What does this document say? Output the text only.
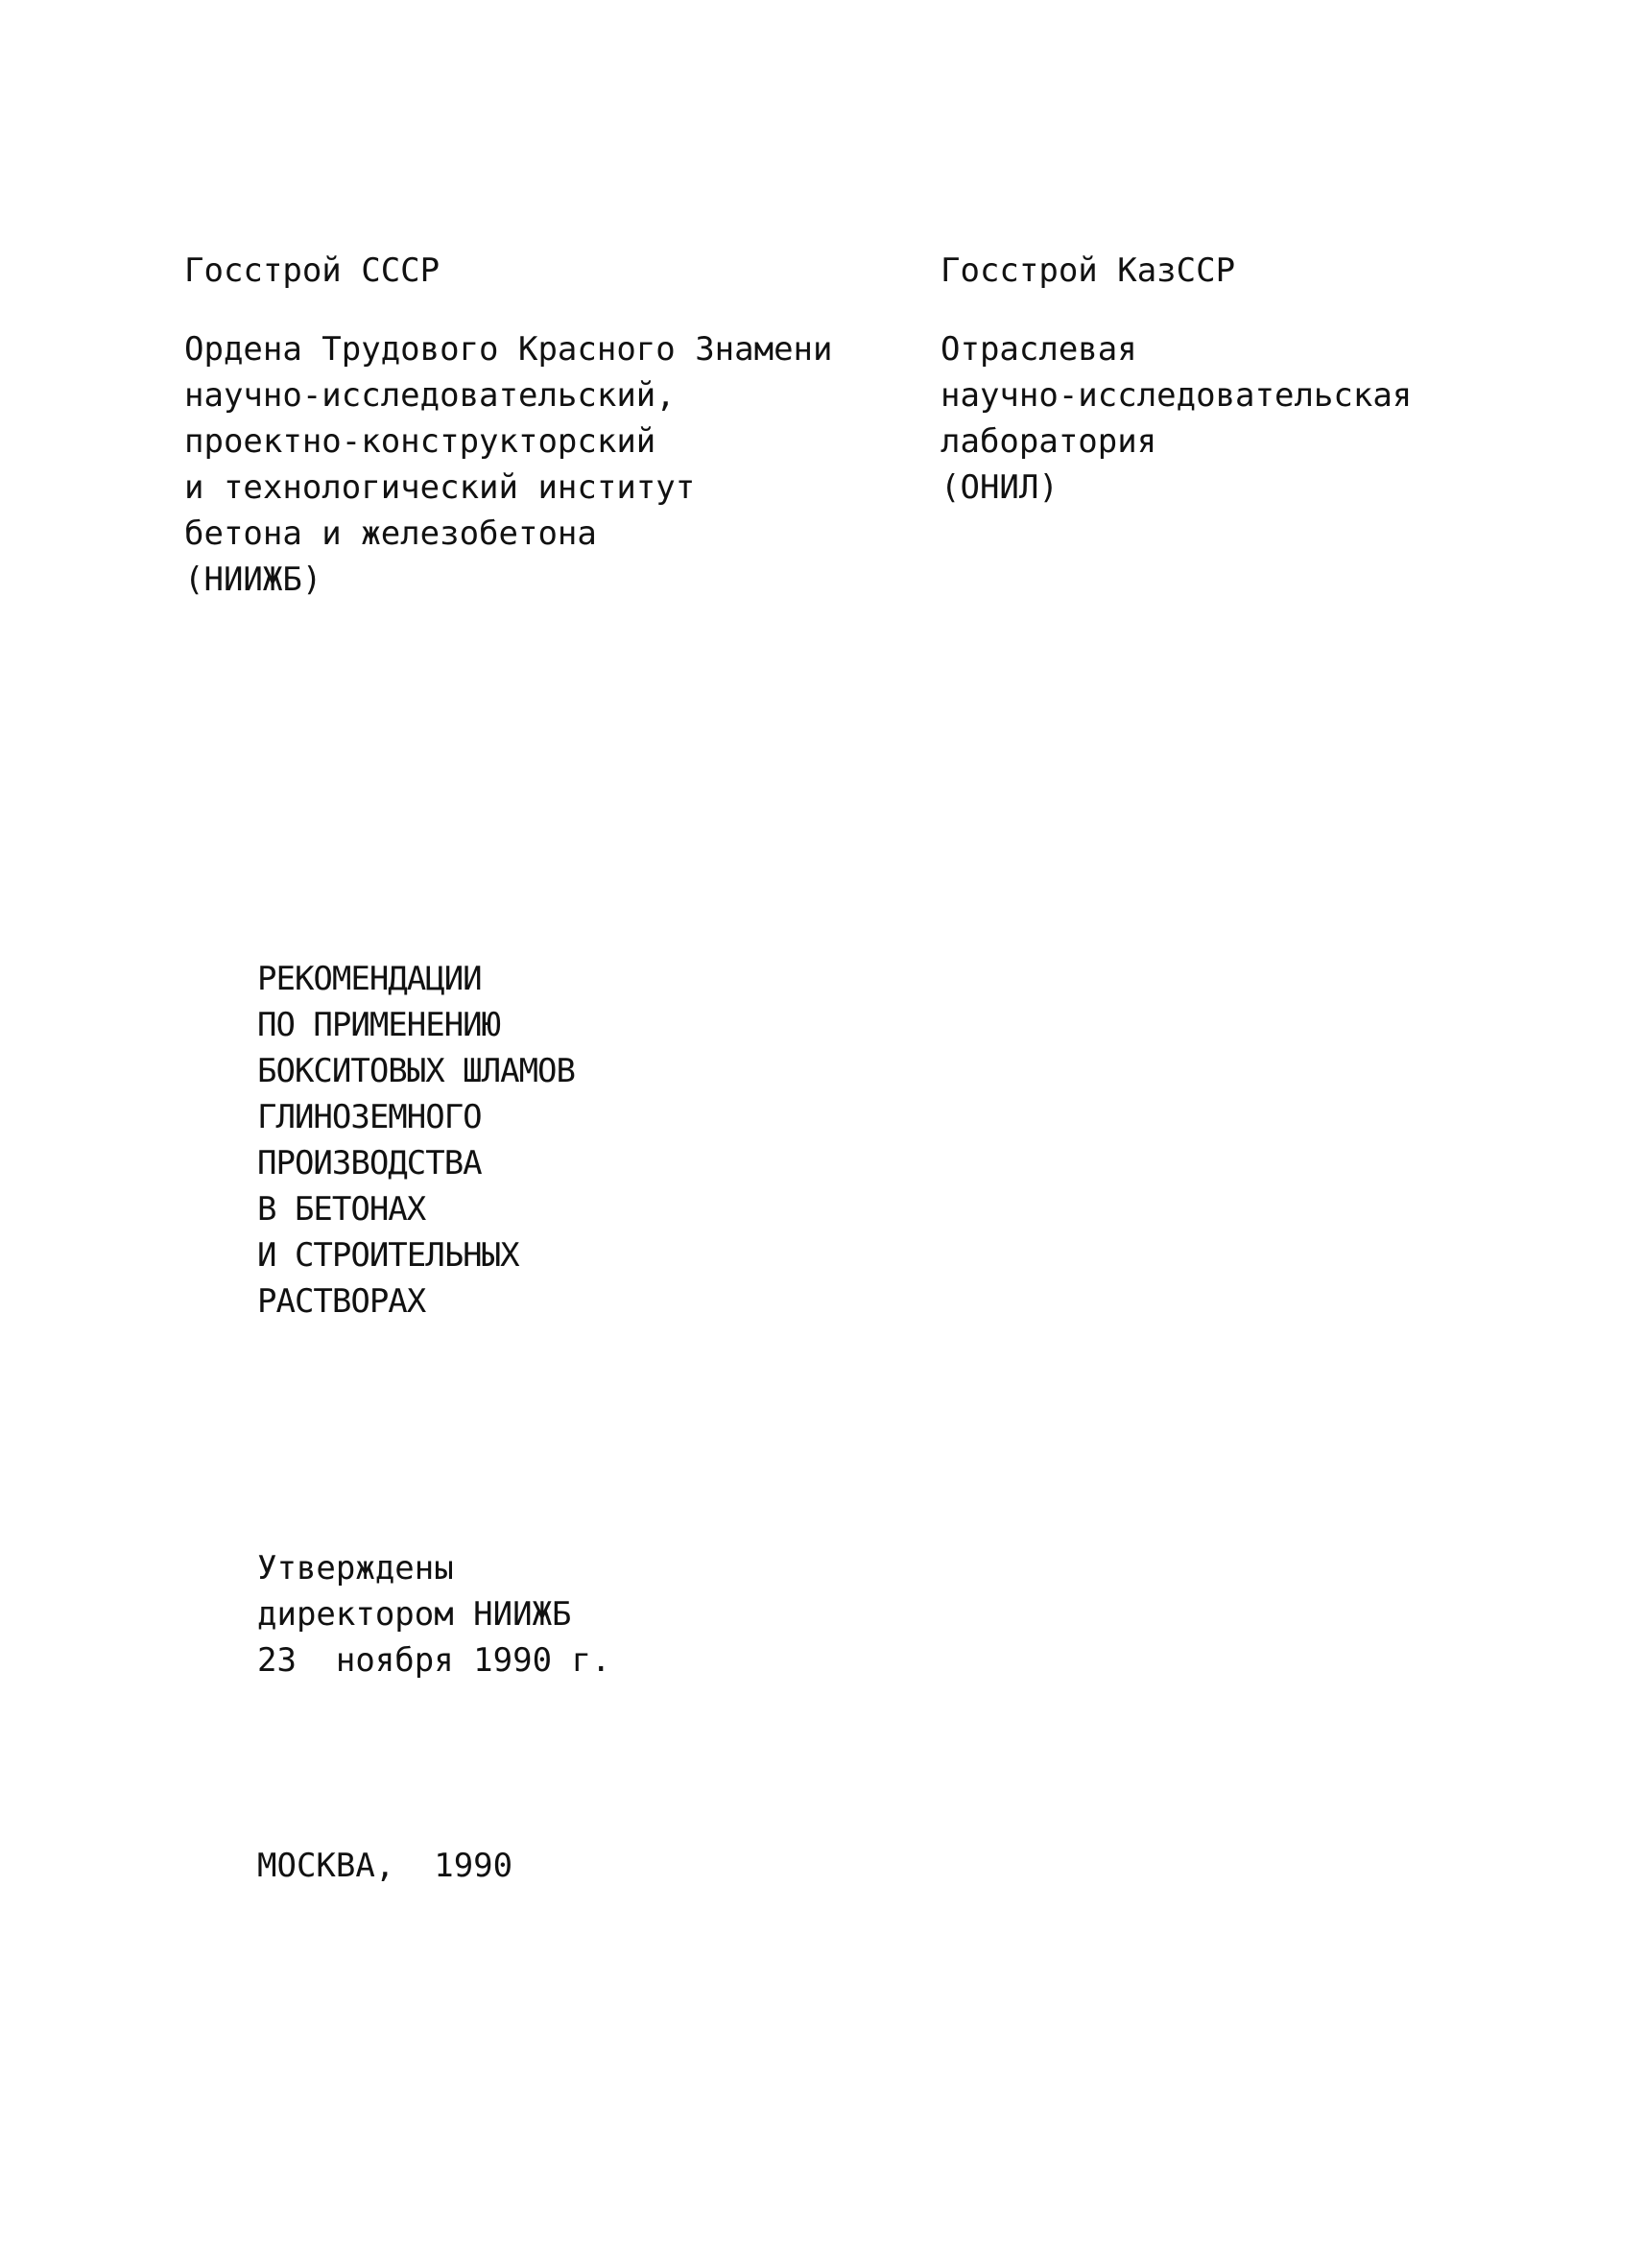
Госстрой СССР
Ордена Трудового Красного Знамени
научно-исследовательский,
проектно-конструкторский
и технологический институт
бетона и железобетона
(НИИЖБ)
Госстрой КазССР
Отраслевая
научно-исследовательская
лаборатория
(ОНИЛ)
РЕКОМЕНДАЦИИ
ПО ПРИМЕНЕНИЮ
БОКСИТОВЫХ ШЛАМОВ
ГЛИНОЗЕМНОГО
ПРОИЗВОДСТВА
В БЕТОНАХ
И СТРОИТЕЛЬНЫХ
РАСТВОРАХ
Утверждены
директором НИИЖБ
23  ноября 1990 г.
МОСКВА,  1990
